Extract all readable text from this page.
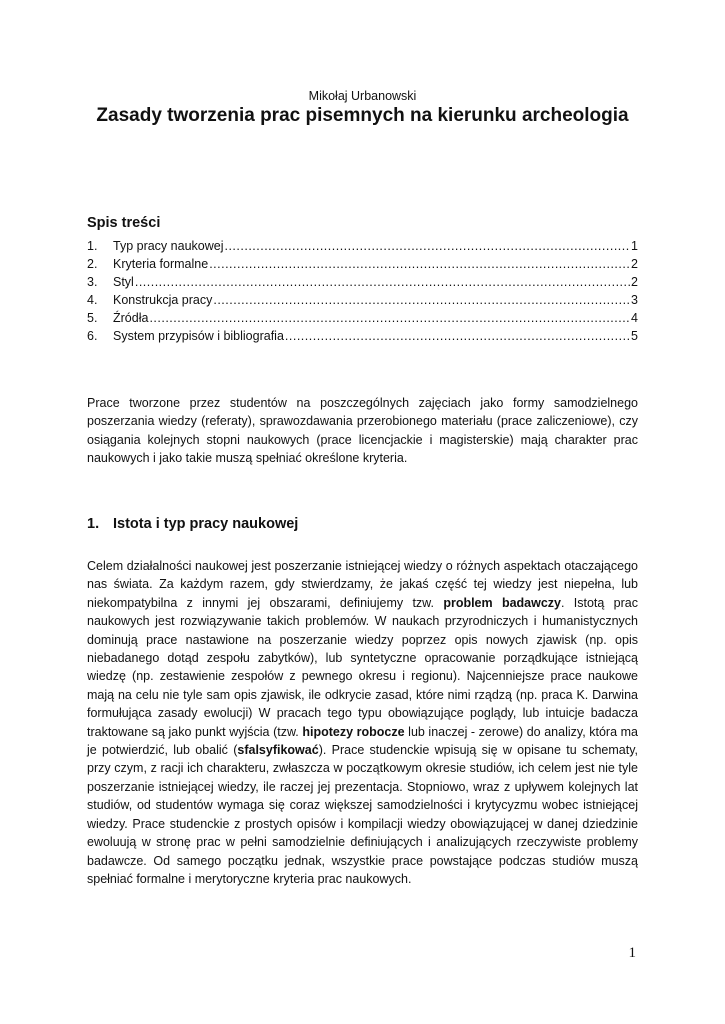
Mikołaj Urbanowski
Zasady tworzenia prac pisemnych na kierunku archeologia
Spis treści
1.	Typ pracy naukowej .....	1
2.	Kryteria formalne .....	2
3.	Styl .....	2
4.	Konstrukcja pracy .....	3
5.	Źródła .....	4
6.	System przypisów i bibliografia .....	5

Prace tworzone przez studentów na poszczególnych zajęciach jako formy samodzielnego poszerzania wiedzy (referaty), sprawozdawania przerobionego materiału (prace zaliczeniowe), czy osiągania kolejnych stopni naukowych (prace licencjackie i magisterskie) mają charakter prac naukowych i jako takie muszą spełniać określone kryteria.

1. Istota i typ pracy naukowej

Celem działalności naukowej jest poszerzanie istniejącej wiedzy o różnych aspektach otaczającego nas świata. Za każdym razem, gdy stwierdzamy, że jakaś część tej wiedzy jest niepełna, lub niekompatybilna z innymi jej obszarami, definiujemy tzw. problem badawczy. Istotą prac naukowych jest rozwiązywanie takich problemów. W naukach przyrodniczych i humanistycznych dominują prace nastawione na poszerzanie wiedzy poprzez opis nowych zjawisk (np. opis niebadanego dotąd zespołu zabytków), lub syntetyczne opracowanie porządkujące istniejącą wiedzę (np. zestawienie zespołów z pewnego okresu i regionu). Najcenniejsze prace naukowe mają na celu nie tyle sam opis zjawisk, ile odkrycie zasad, które nimi rządzą (np. praca K. Darwina formułująca zasady ewolucji) W pracach tego typu obowiązujące poglądy, lub intuicje badacza traktowane są jako punkt wyjścia (tzw. hipotezy robocze lub inaczej - zerowe) do analizy, która ma je potwierdzić, lub obalić (sfalsyfikować). Prace studenckie wpisują się w opisane tu schematy, przy czym, z racji ich charakteru, zwłaszcza w początkowym okresie studiów, ich celem jest nie tyle poszerzanie istniejącej wiedzy, ile raczej jej prezentacja. Stopniowo, wraz z upływem kolejnych lat studiów, od studentów wymaga się coraz większej samodzielności i krytycyzmu wobec istniejącej wiedzy. Prace studenckie z prostych opisów i kompilacji wiedzy obowiązującej w danej dziedzinie ewoluują w stronę prac w pełni samodzielnie definiujących i analizujących rzeczywiste problemy badawcze. Od samego początku jednak, wszystkie prace powstające podczas studiów muszą spełniać formalne i merytoryczne kryteria prac naukowych.

1
